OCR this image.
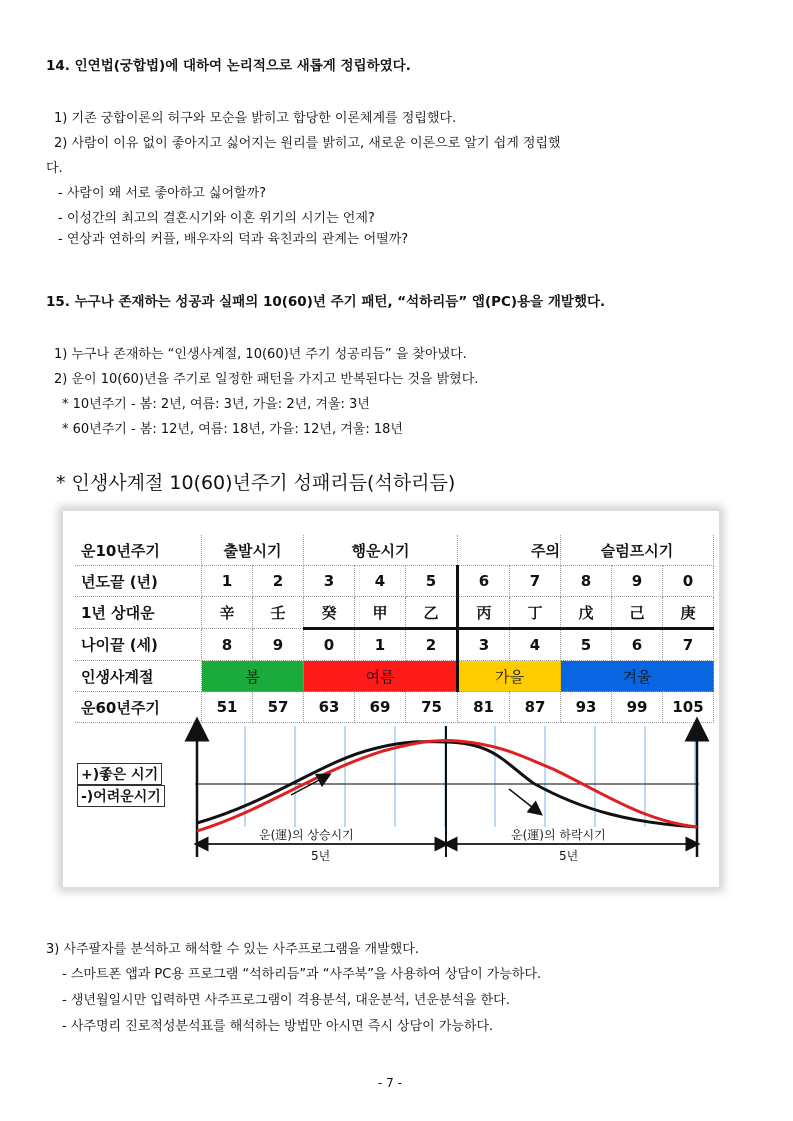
14. 인연법(궁합법)에 대하여 논리적으로 새롭게 정립하였다.
1) 기존 궁합이론의 허구와 모순을 밝히고 합당한 이론체계를 정립했다.
2) 사람이 이유 없이 좋아지고 싫어지는 원리를 밝히고, 새로운 이론으로 알기 쉽게 정립했
다.
- 사람이 왜 서로 좋아하고 싫어할까?
- 이성간의 최고의 결혼시기와 이혼 위기의 시기는 언제?
- 연상과 연하의 커플, 배우자의 덕과 육친과의 관계는 어떨까?
15. 누구나 존재하는 성공과 실패의 10(60)년 주기 패턴, “석하리듬” 앱(PC)용을 개발했다.
1) 누구나 존재하는 “인생사계절, 10(60)년 주기 성공리듬” 을 찾아냈다.
2) 운이 10(60)년을 주기로 일정한 패턴을 가지고 반복된다는 것을 밝혔다.
* 10년주기 - 봄: 2년, 여름: 3년, 가을: 2년, 겨울: 3년
* 60년주기 - 봄: 12년, 여름: 18년, 가을: 12년, 겨울: 18년
* 인생사계절 10(60)년주기 성패리듬(석하리듬)
운10년주기	출발시기		행운시기			주의		슬럼프시기		
년도끝 (년)	1	2	3	4	5	6	7	8	9	0
1년 상대운	辛	壬	癸	甲	乙	丙	丁	戊	己	庚
나이끝 (세)	8	9	0	1	2	3	4	5	6	7
인생사계절	봄		여름			가을		겨울		
운60년주기	51	57	63	69	75	81	87	93	99	105
+)좋은 시기
-)어려운시기
운(運)의 상승시기	운(運)의 하락시기
5년	5년
3) 사주팔자를 분석하고 해석할 수 있는 사주프로그램을 개발했다.
- 스마트폰 앱과 PC용 프로그램 “석하리듬”과 “사주북”을 사용하여 상담이 가능하다.
- 생년월일시만 입력하면 사주프로그램이 격용분석, 대운분석, 년운분석을 한다.
- 사주명리 진로적성분석표를 해석하는 방법만 아시면 즉시 상담이 가능하다.
- 7 -
